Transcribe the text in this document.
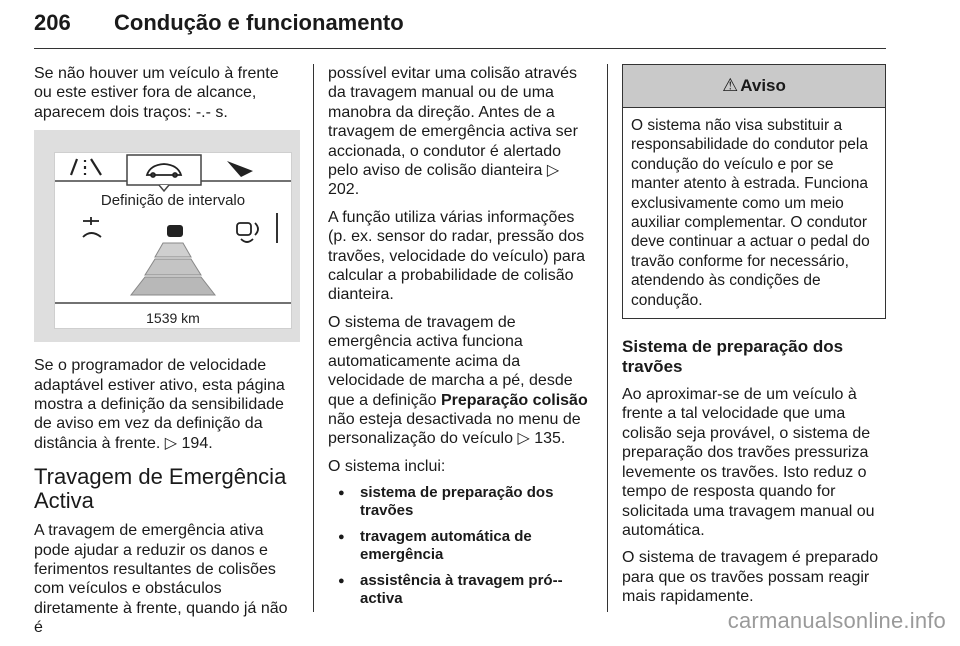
206 Condução e funcionamento

Se não houver um veículo à frente ou este estiver fora de alcance, aparecem dois traços: -.- s.

Definição de intervalo
1539 km

Se o programador de velocidade adaptável estiver ativo, esta página mostra a definição da sensibilidade de aviso em vez da definição da distância à frente. ▷ 194.

Travagem de Emergência Activa

A travagem de emergência ativa pode ajudar a reduzir os danos e ferimentos resultantes de colisões com veículos e obstáculos diretamente à frente, quando já não é

possível evitar uma colisão através da travagem manual ou de uma manobra da direção. Antes de a travagem de emergência activa ser accionada, o condutor é alertado pelo aviso de colisão dianteira ▷ 202.

A função utiliza várias informações (p. ex. sensor do radar, pressão dos travões, velocidade do veículo) para calcular a probabilidade de colisão dianteira.

O sistema de travagem de emergência activa funciona automaticamente acima da velocidade de marcha a pé, desde que a definição Preparação colisão não esteja desactivada no menu de personalização do veículo ▷ 135.

O sistema inclui:

● sistema de preparação dos travões
● travagem automática de emergência
● assistência à travagem pró--activa
⚠ Aviso
O sistema não visa substituir a responsabilidade do condutor pela condução do veículo e por se manter atento à estrada. Funciona exclusivamente como um meio auxiliar complementar. O condutor deve continuar a actuar o pedal do travão conforme for necessário, atendendo às condições de condução.
Sistema de preparação dos travões

Ao aproximar-se de um veículo à frente a tal velocidade que uma colisão seja provável, o sistema de preparação dos travões pressuriza levemente os travões. Isto reduz o tempo de resposta quando for solicitada uma travagem manual ou automática.

O sistema de travagem é preparado para que os travões possam reagir mais rapidamente.

carmanualsonline.info
